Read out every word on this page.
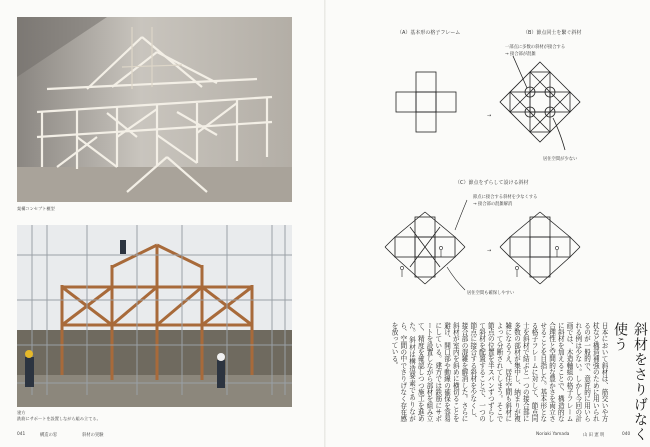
架構コンセプト模型
建方
鉄筋にサポートを設置しながら組み立てる。
（A）基本形の格子フレーム
→
（B）節点同士を繋ぐ斜材
一部点に多数の斜材が接合する
→ 接合部が混雑
居住空間が少ない
（C）節点をずらして設ける斜材
節点に接合する斜材を少なくする
→ 接合部の混雑解消
→
居住空間も確保しやすい
斜材をさりげなく使う
日本において斜材は、筋交いや方杖など構造補強のために用いられるのが一般的で、意匠的に用いられる例は少ない。しかし今回の計画では、木造軸組の格子フレームに斜材を加えることで、構造的な合理性と空間的な豊かさを両立させることを目指した。基本形となる格子フレームに対して、節点同士を斜材で結ぶと一つの接合部に多数の部材が集中し、納まりが複雑になるうえ、居住空間も斜材によって分断されてしまう。そこで節点の位置を半スパンずつずらして斜材を配置することで、一つの節点に接合する斜材を少なくし、接合部の混雑を解消した。さらに斜材が室内を斜めに横切ることを避け、開口部や動線の確保を容易にしている。建方では鉄筋にサポートを設置しながら部材を組み立て、精度を確認しつつ施工を進めた。斜材は構造要素でありながら、空間の中でさりげなく存在感を放っている。
041	構造の窓	斜材の実験	Noriaki Yamada	山 田 憲 明	040
